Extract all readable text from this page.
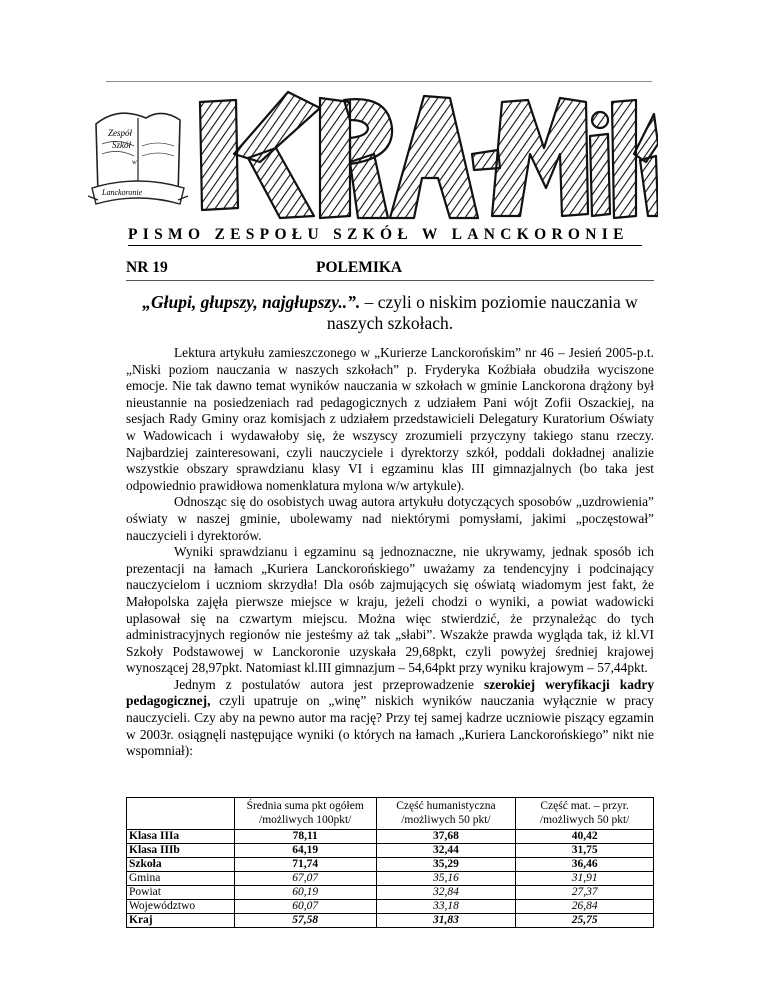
Zespół
Szkół
w
Lanckoronie
PISMO ZESPOŁU SZKÓŁ W LANCKORONIE
NR 19	POLEMIKA
„Głupi, głupszy, najgłupszy..”. – czyli o niskim poziomie nauczania w naszych szkołach.

Lektura artykułu zamieszczonego w „Kurierze Lanckorońskim” nr 46 – Jesień 2005-p.t. „Niski poziom nauczania w naszych szkołach” p. Fryderyka Koźbiała obudziła wyciszone emocje. Nie tak dawno temat wyników nauczania w szkołach w gminie Lanckorona drążony był nieustannie na posiedzeniach rad pedagogicznych z udziałem Pani wójt Zofii Oszackiej, na sesjach Rady Gminy oraz komisjach z udziałem przedstawicieli Delegatury Kuratorium Oświaty w Wadowicach i wydawałoby się, że wszyscy zrozumieli przyczyny takiego stanu rzeczy. Najbardziej zainteresowani, czyli nauczyciele i dyrektorzy szkół, poddali dokładnej analizie wszystkie obszary sprawdzianu klasy VI i egzaminu klas III gimnazjalnych (bo taka jest odpowiednio prawidłowa nomenklatura mylona w/w artykule).

Odnosząc się do osobistych uwag autora artykułu dotyczących sposobów „uzdrowienia” oświaty w naszej gminie, ubolewamy nad niektórymi pomysłami, jakimi „poczęstował” nauczycieli i dyrektorów.

Wyniki sprawdzianu i egzaminu są jednoznaczne, nie ukrywamy, jednak sposób ich prezentacji na łamach „Kuriera Lanckorońskiego” uważamy za tendencyjny i podcinający nauczycielom i uczniom skrzydła! Dla osób zajmujących się oświatą wiadomym jest fakt, że Małopolska zajęła pierwsze miejsce w kraju, jeżeli chodzi o wyniki, a powiat wadowicki uplasował się na czwartym miejscu. Można więc stwierdzić, że przynależąc do tych administracyjnych regionów nie jesteśmy aż tak „słabi”. Wszakże prawda wygląda tak, iż kl.VI Szkoły Podstawowej w Lanckoronie uzyskała 29,68pkt, czyli powyżej średniej krajowej wynoszącej 28,97pkt. Natomiast kl.III gimnazjum – 54,64pkt przy wyniku krajowym – 57,44pkt.

Jednym z postulatów autora jest przeprowadzenie szerokiej weryfikacji kadry pedagogicznej, czyli upatruje on „winę” niskich wyników nauczania wyłącznie w pracy nauczycieli. Czy aby na pewno autor ma rację? Przy tej samej kadrze uczniowie piszący egzamin w 2003r. osiągnęli następujące wyniki (o których na łamach „Kuriera Lanckorońskiego” nikt nie wspomniał):

	Średnia suma pkt ogółem /możliwych 100pkt/	Część humanistyczna /możliwych 50 pkt/	Część mat. – przyr. /możliwych 50 pkt/
Klasa IIIa	78,11	37,68	40,42
Klasa IIIb	64,19	32,44	31,75
Szkoła	71,74	35,29	36,46
Gmina	67,07	35,16	31,91
Powiat	60,19	32,84	27,37
Województwo	60,07	33,18	26,84
Kraj	57,58	31,83	25,75
